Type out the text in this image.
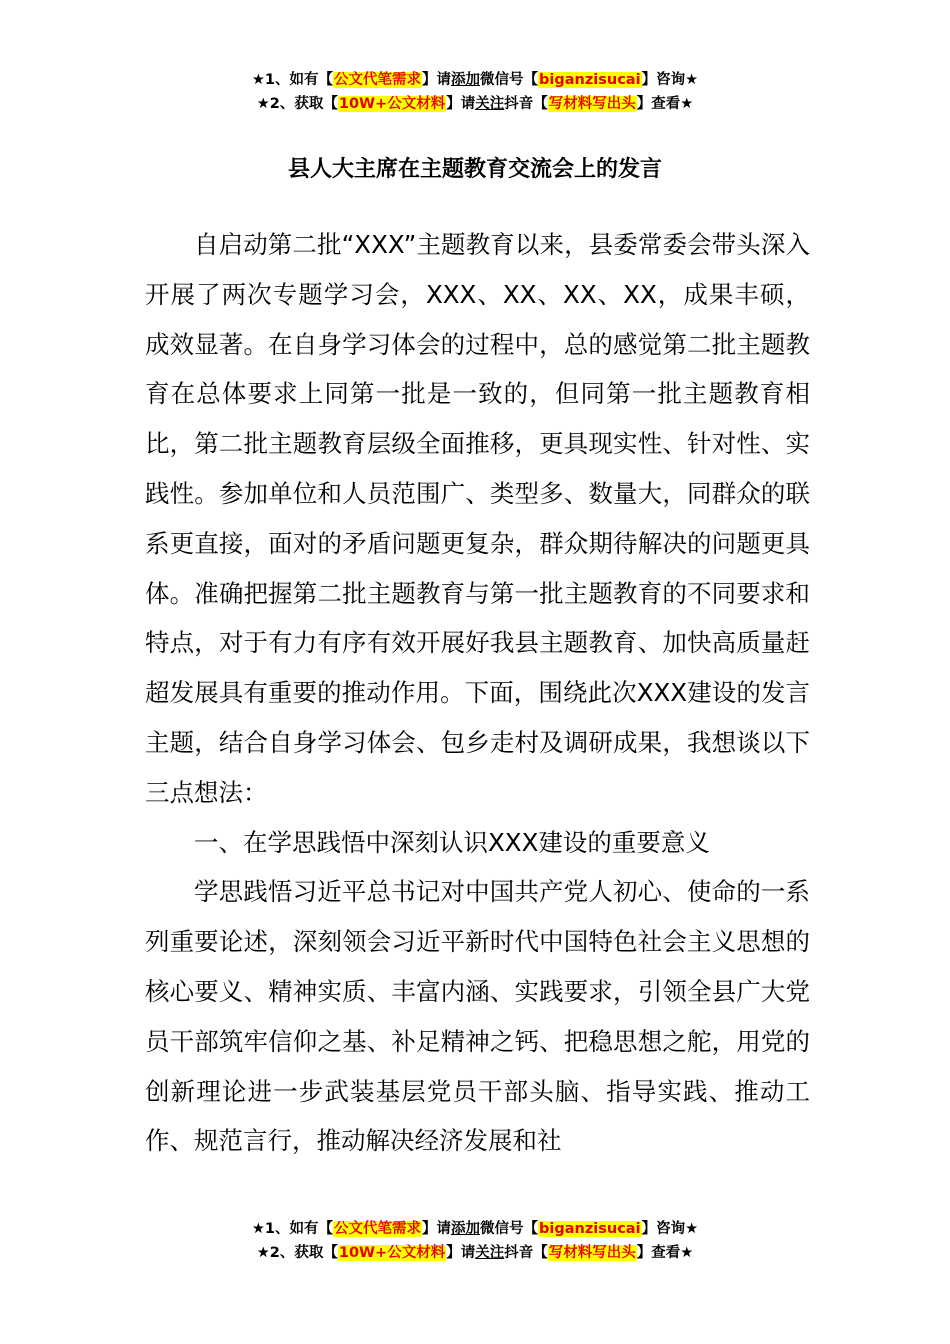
★1、如有【公文代笔需求】请添加微信号【biganzisucai】咨询★
★2、获取【10W+公文材料】请关注抖音【写材料写出头】查看★
县人大主席在主题教育交流会上的发言

自启动第二批“XXX”主题教育以来，县委常委会带头深入开展了两次专题学习会，XXX、XX、XX、XX，成果丰硕，成效显著。在自身学习体会的过程中，总的感觉第二批主题教育在总体要求上同第一批是一致的，但同第一批主题教育相比，第二批主题教育层级全面推移，更具现实性、针对性、实践性。参加单位和人员范围广、类型多、数量大，同群众的联系更直接，面对的矛盾问题更复杂，群众期待解决的问题更具体。准确把握第二批主题教育与第一批主题教育的不同要求和特点，对于有力有序有效开展好我县主题教育、加快高质量赶超发展具有重要的推动作用。下面，围绕此次XXX建设的发言主题，结合自身学习体会、包乡走村及调研成果，我想谈以下三点想法：

一、在学思践悟中深刻认识XXX建设的重要意义

学思践悟习近平总书记对中国共产党人初心、使命的一系列重要论述，深刻领会习近平新时代中国特色社会主义思想的核心要义、精神实质、丰富内涵、实践要求，引领全县广大党员干部筑牢信仰之基、补足精神之钙、把稳思想之舵，用党的创新理论进一步武装基层党员干部头脑、指导实践、推动工作、规范言行，推动解决经济发展和社

★1、如有【公文代笔需求】请添加微信号【biganzisucai】咨询★
★2、获取【10W+公文材料】请关注抖音【写材料写出头】查看★
